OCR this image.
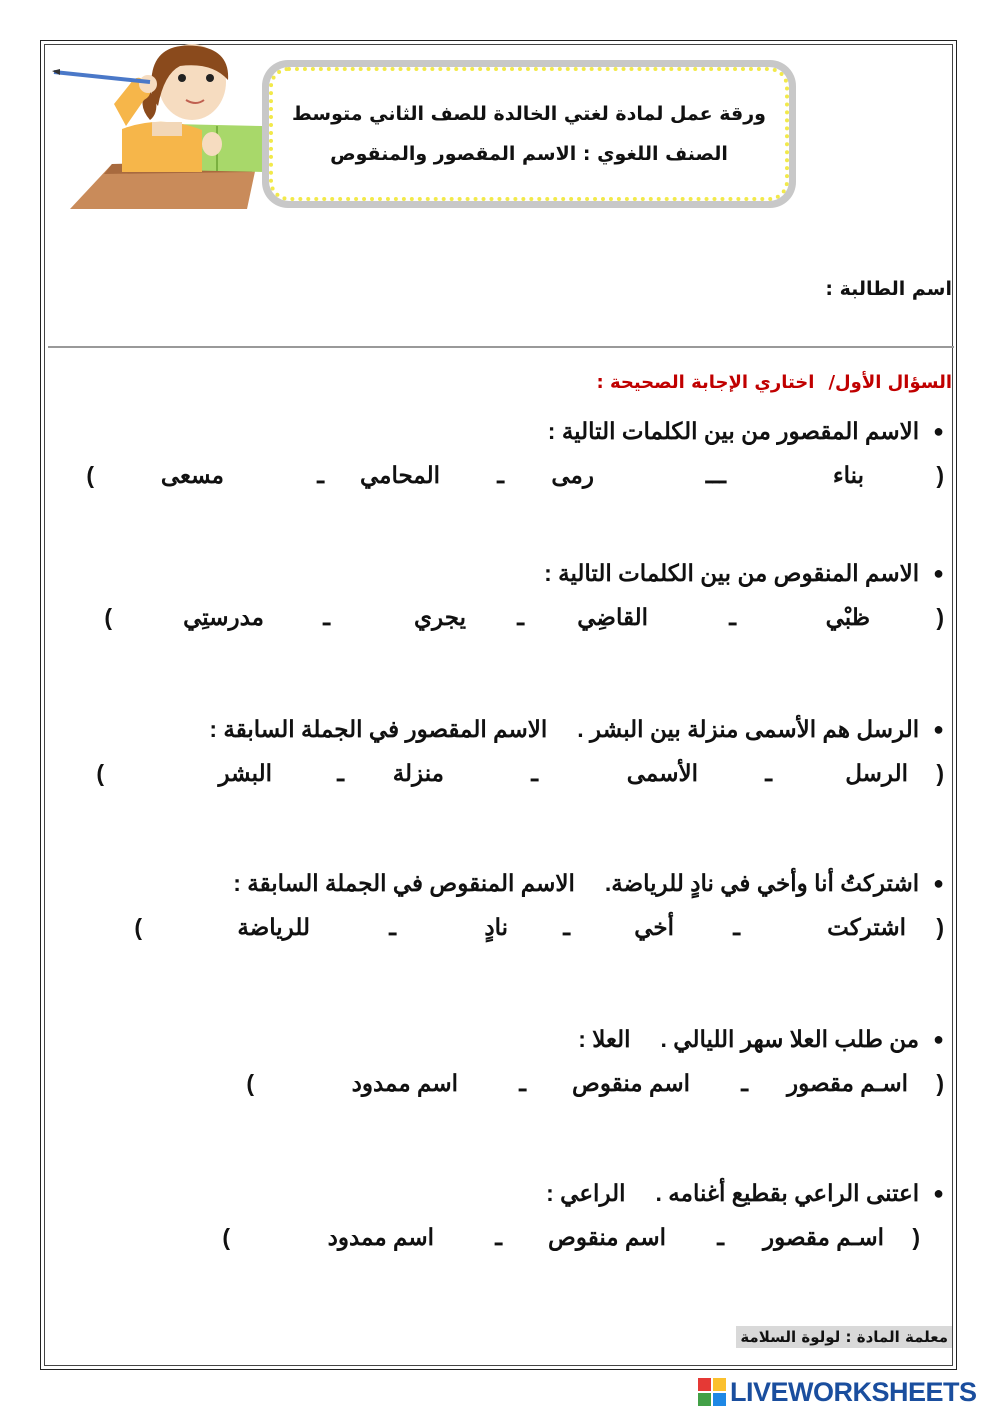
ورقة عمل لمادة لغتي الخالدة للصف الثاني متوسط
الصنف اللغوي : الاسم المقصور والمنقوص
اسم الطالبة :
السؤال الأول/اختاري الإجابة الصحيحة :
●
الاسم المقصور من بين الكلمات التالية :
(
بناء
ـــ
رمى
ـ
المحامي
ـ
مسعى
)
●
الاسم المنقوص من بين الكلمات التالية :
(
ظبْي
ـ
القاضِي
ـ
يجري
ـ
مدرستِي
)
●
الرسل هم الأسمى منزلة بين البشر .
الاسم المقصور في الجملة السابقة :
(
الرسل
ـ
الأسمى
ـ
منزلة
ـ
البشر
)
●
اشتركتُ أنا وأخي في نادٍ للرياضة.
الاسم المنقوص في الجملة السابقة :
(
اشتركت
ـ
أخي
ـ
نادٍ
ـ
للرياضة
)
●
من طلب العلا سهر الليالي .
العلا :
(
اسـم مقصور
ـ
اسم منقوص
ـ
اسم ممدود
)
●
اعتنى الراعي بقطيع أغنامه .
الراعي :
(
اسـم مقصور
ـ
اسم منقوص
ـ
اسم ممدود
)
معلمة المادة : لولوة السلامة
LIVEWORKSHEETS
